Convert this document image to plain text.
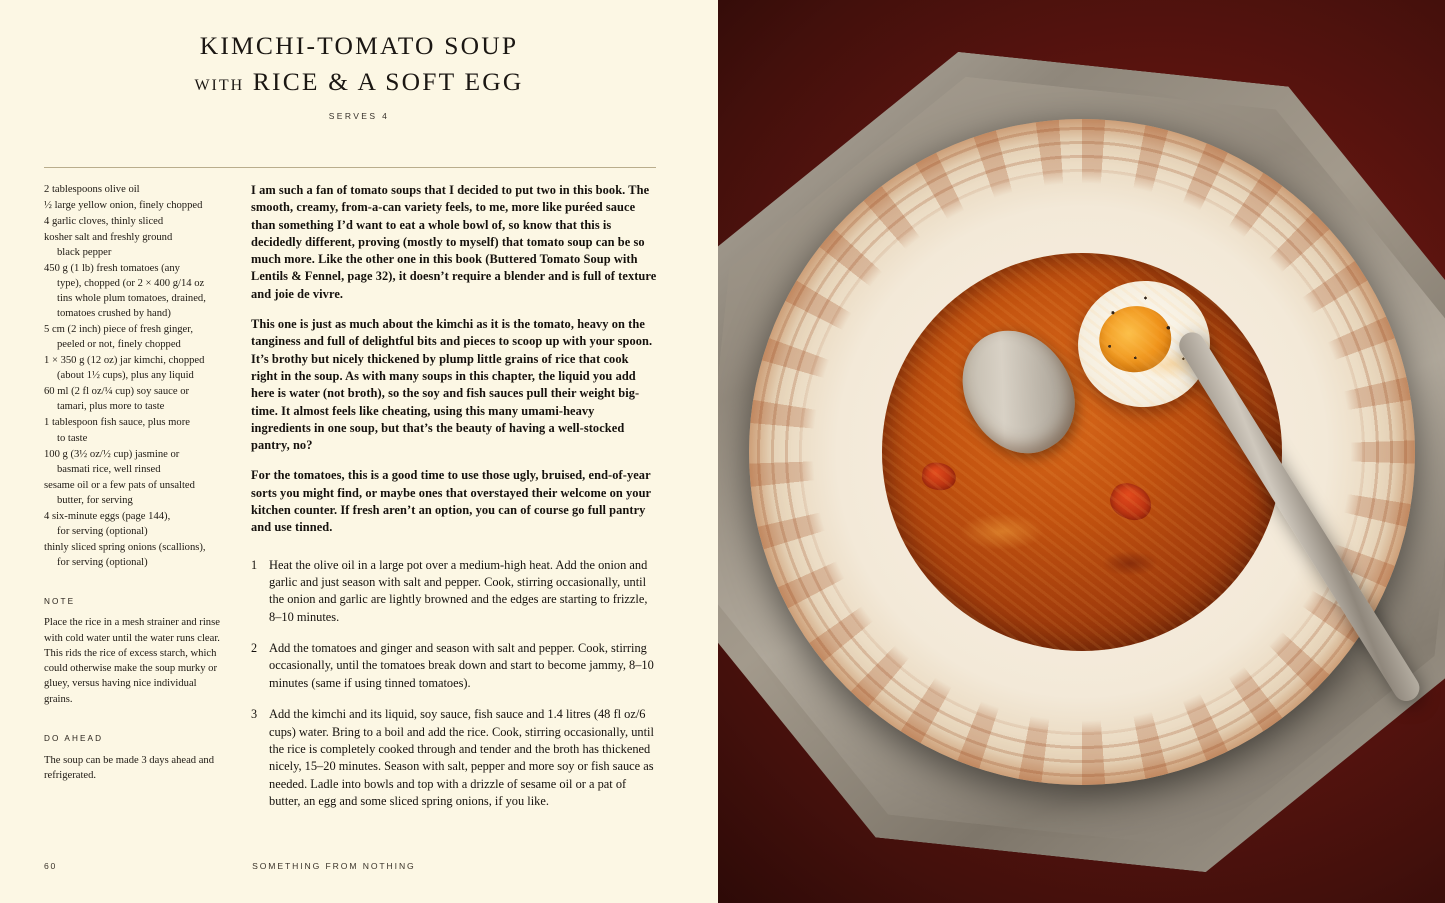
KIMCHI-TOMATO SOUP
WITH RICE & A SOFT EGG
SERVES 4
2 tablespoons olive oil
½ large yellow onion, finely chopped
4 garlic cloves, thinly sliced
kosher salt and freshly ground
black pepper
450 g (1 lb) fresh tomatoes (any
type), chopped (or 2 × 400 g/14 oz
tins whole plum tomatoes, drained,
tomatoes crushed by hand)
5 cm (2 inch) piece of fresh ginger,
peeled or not, finely chopped
1 × 350 g (12 oz) jar kimchi, chopped
(about 1½ cups), plus any liquid
60 ml (2 fl oz/¼ cup) soy sauce or
tamari, plus more to taste
1 tablespoon fish sauce, plus more
to taste
100 g (3½ oz/½ cup) jasmine or
basmati rice, well rinsed
sesame oil or a few pats of unsalted
butter, for serving
4 six-minute eggs (page 144),
for serving (optional)
thinly sliced spring onions (scallions),
for serving (optional)
NOTE
Place the rice in a mesh strainer and rinse with cold water until the water runs clear. This rids the rice of excess starch, which could otherwise make the soup murky or gluey, versus having nice individual grains.
DO AHEAD
The soup can be made 3 days ahead and refrigerated.

I am such a fan of tomato soups that I decided to put two in this book. The smooth, creamy, from-a-can variety feels, to me, more like puréed sauce than something I’d want to eat a whole bowl of, so know that this is decidedly different, proving (mostly to myself) that tomato soup can be so much more. Like the other one in this book (Buttered Tomato Soup with Lentils & Fennel, page 32), it doesn’t require a blender and is full of texture and joie de vivre.

This one is just as much about the kimchi as it is the tomato, heavy on the tanginess and full of delightful bits and pieces to scoop up with your spoon. It’s brothy but nicely thickened by plump little grains of rice that cook right in the soup. As with many soups in this chapter, the liquid you add here is water (not broth), so the soy and fish sauces pull their weight big-time. It almost feels like cheating, using this many umami-heavy ingredients in one soup, but that’s the beauty of having a well-stocked pantry, no?

For the tomatoes, this is a good time to use those ugly, bruised, end-of-year sorts you might find, or maybe ones that overstayed their welcome on your kitchen counter. If fresh aren’t an option, you can of course go full pantry and use tinned.

1 Heat the olive oil in a large pot over a medium-high heat. Add the onion and garlic and just season with salt and pepper. Cook, stirring occasionally, until the onion and garlic are lightly browned and the edges are starting to frizzle, 8–10 minutes.
2 Add the tomatoes and ginger and season with salt and pepper. Cook, stirring occasionally, until the tomatoes break down and start to become jammy, 8–10 minutes (same if using tinned tomatoes).
3 Add the kimchi and its liquid, soy sauce, fish sauce and 1.4 litres (48 fl oz/6 cups) water. Bring to a boil and add the rice. Cook, stirring occasionally, until the rice is completely cooked through and tender and the broth has thickened nicely, 15–20 minutes. Season with salt, pepper and more soy or fish sauce as needed. Ladle into bowls and top with a drizzle of sesame oil or a pat of butter, an egg and some sliced spring onions, if you like.
60	SOMETHING FROM NOTHING
